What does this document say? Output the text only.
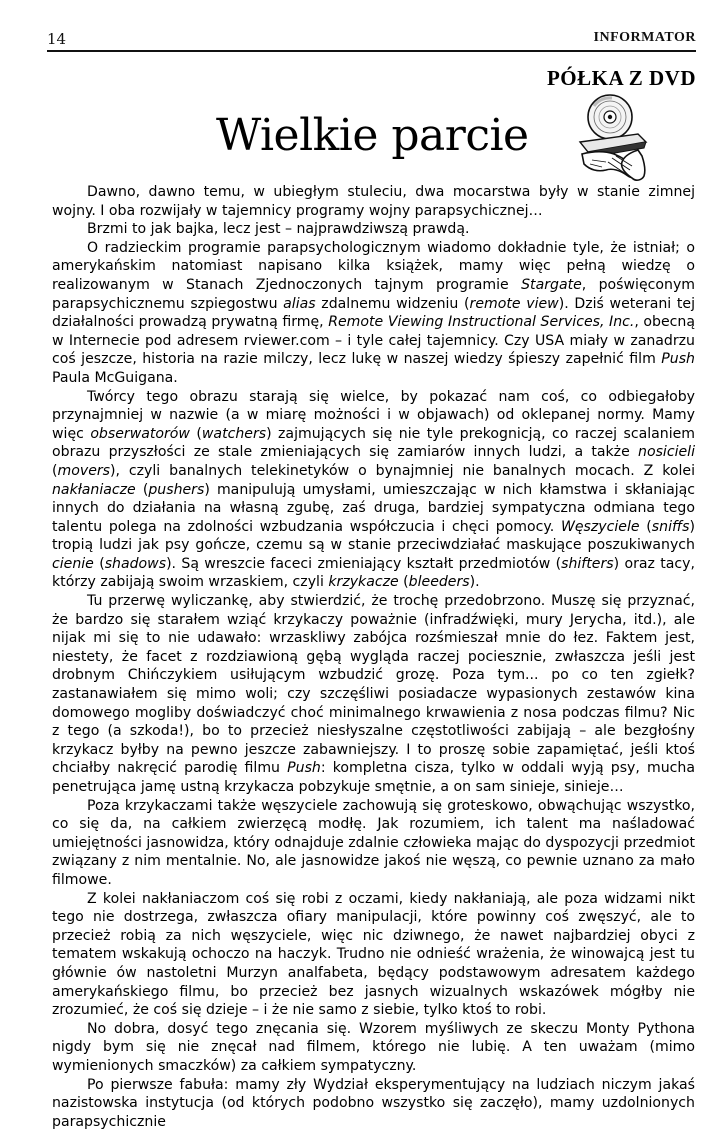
14	INFORMATOR
PÓŁKA Z DVD
Wielkie parcie

Dawno, dawno temu, w ubiegłym stuleciu, dwa mocarstwa były w stanie zimnej wojny. I oba rozwijały w tajemnicy programy wojny parapsychicznej…

Brzmi to jak bajka, lecz jest – najprawdziwszą prawdą.

O radzieckim programie parapsychologicznym wiadomo dokładnie tyle, że istniał; o amerykańskim natomiast napisano kilka książek, mamy więc pełną wiedzę o realizowanym w Stanach Zjednoczonych tajnym programie Stargate, poświęconym parapsychicznemu szpiegostwu alias zdalnemu widzeniu (remote view). Dziś weterani tej działalności prowadzą prywatną firmę, Remote Viewing Instructional Services, Inc., obecną w Internecie pod adresem rviewer.com – i tyle całej tajemnicy. Czy USA miały w zanadrzu coś jeszcze, historia na razie milczy, lecz lukę w naszej wiedzy śpieszy zapełnić film Push Paula McGuigana.

Twórcy tego obrazu starają się wielce, by pokazać nam coś, co odbiegałoby przynajmniej w nazwie (a w miarę możności i w objawach) od oklepanej normy. Mamy więc obserwatorów (watchers) zajmujących się nie tyle prekognicją, co raczej scalaniem obrazu przyszłości ze stale zmieniających się zamiarów innych ludzi, a także nosicieli (movers), czyli banalnych telekinetyków o bynajmniej nie banalnych mocach. Z kolei nakłaniacze (pushers) manipulują umysłami, umieszczając w nich kłamstwa i skłaniając innych do działania na własną zgubę, zaś druga, bardziej sympatyczna odmiana tego talentu polega na zdolności wzbudzania współczucia i chęci pomocy. Węszyciele (sniffs) tropią ludzi jak psy gończe, czemu są w stanie przeciwdziałać maskujące poszukiwanych cienie (shadows). Są wreszcie faceci zmieniający kształt przedmiotów (shifters) oraz tacy, którzy zabijają swoim wrzaskiem, czyli krzykacze (bleeders).

Tu przerwę wyliczankę, aby stwierdzić, że trochę przedobrzono. Muszę się przyznać, że bardzo się starałem wziąć krzykaczy poważnie (infradźwięki, mury Jerycha, itd.), ale nijak mi się to nie udawało: wrzaskliwy zabójca rozśmieszał mnie do łez. Faktem jest, niestety, że facet z rozdziawioną gębą wygląda raczej pociesznie, zwłaszcza jeśli jest drobnym Chińczykiem usiłującym wzbudzić grozę. Poza tym... po co ten zgiełk? zastanawiałem się mimo woli; czy szczęśliwi posiadacze wypasionych zestawów kina domowego mogliby doświadczyć choć minimalnego krwawienia z nosa podczas filmu? Nic z tego (a szkoda!), bo to przecież niesłyszalne częstotliwości zabijają – ale bezgłośny krzykacz byłby na pewno jeszcze zabawniejszy. I to proszę sobie zapamiętać, jeśli ktoś chciałby nakręcić parodię filmu Push: kompletna cisza, tylko w oddali wyją psy, mucha penetrująca jamę ustną krzykacza pobzykuje smętnie, a on sam sinieje, sinieje…

Poza krzykaczami także węszyciele zachowują się groteskowo, obwąchując wszystko, co się da, na całkiem zwierzęcą modłę. Jak rozumiem, ich talent ma naśladować umiejętności jasnowidza, który odnajduje zdalnie człowieka mając do dyspozycji przedmiot związany z nim mentalnie. No, ale jasnowidze jakoś nie węszą, co pewnie uznano za mało filmowe.

Z kolei nakłaniaczom coś się robi z oczami, kiedy nakłaniają, ale poza widzami nikt tego nie dostrzega, zwłaszcza ofiary manipulacji, które powinny coś zwęszyć, ale to przecież robią za nich węszyciele, więc nic dziwnego, że nawet najbardziej obyci z tematem wskakują ochoczo na haczyk. Trudno nie odnieść wrażenia, że winowajcą jest tu głównie ów nastoletni Murzyn analfabeta, będący podstawowym adresatem każdego amerykańskiego filmu, bo przecież bez jasnych wizualnych wskazówek mógłby nie zrozumieć, że coś się dzieje – i że nie samo z siebie, tylko ktoś to robi.

No dobra, dosyć tego znęcania się. Wzorem myśliwych ze skeczu Monty Pythona nigdy bym się nie znęcał nad filmem, którego nie lubię. A ten uważam (mimo wymienionych smaczków) za całkiem sympatyczny.

Po pierwsze fabuła: mamy zły Wydział eksperymentujący na ludziach niczym jakaś nazistowska instytucja (od których podobno wszystko się zaczęło), mamy uzdolnionych parapsychicznie
